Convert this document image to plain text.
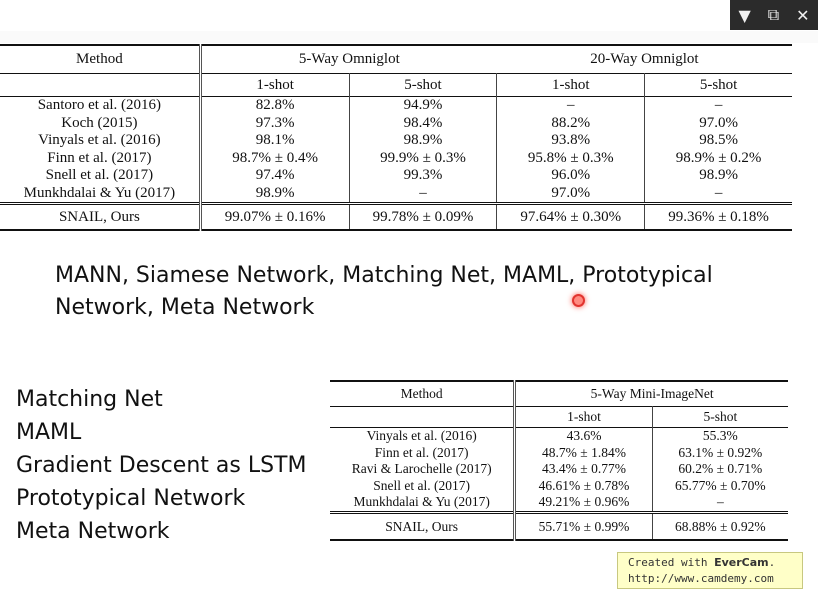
▼ ⧉ ✕
Method	5-Way Omniglot		20-Way Omniglot	
	1-shot	5-shot	1-shot	5-shot
Santoro et al. (2016)	82.8%	94.9%	–	–
Koch (2015)	97.3%	98.4%	88.2%	97.0%
Vinyals et al. (2016)	98.1%	98.9%	93.8%	98.5%
Finn et al. (2017)	98.7% ± 0.4%	99.9% ± 0.3%	95.8% ± 0.3%	98.9% ± 0.2%
Snell et al. (2017)	97.4%	99.3%	96.0%	98.9%
Munkhdalai & Yu (2017)	98.9%	–	97.0%	–
SNAIL, Ours	99.07% ± 0.16%	99.78% ± 0.09%	97.64% ± 0.30%	99.36% ± 0.18%
MANN, Siamese Network, Matching Net, MAML, Prototypical
Network, Meta Network
Matching Net
MAML
Gradient Descent as LSTM
Prototypical Network
Meta Network
Method	5-Way Mini-ImageNet	
	1-shot	5-shot
Vinyals et al. (2016)	43.6%	55.3%
Finn et al. (2017)	48.7% ± 1.84%	63.1% ± 0.92%
Ravi & Larochelle (2017)	43.4% ± 0.77%	60.2% ± 0.71%
Snell et al. (2017)	46.61% ± 0.78%	65.77% ± 0.70%
Munkhdalai & Yu (2017)	49.21% ± 0.96%	–
SNAIL, Ours	55.71% ± 0.99%	68.88% ± 0.92%
Created with EverCam.
http://www.camdemy.com
